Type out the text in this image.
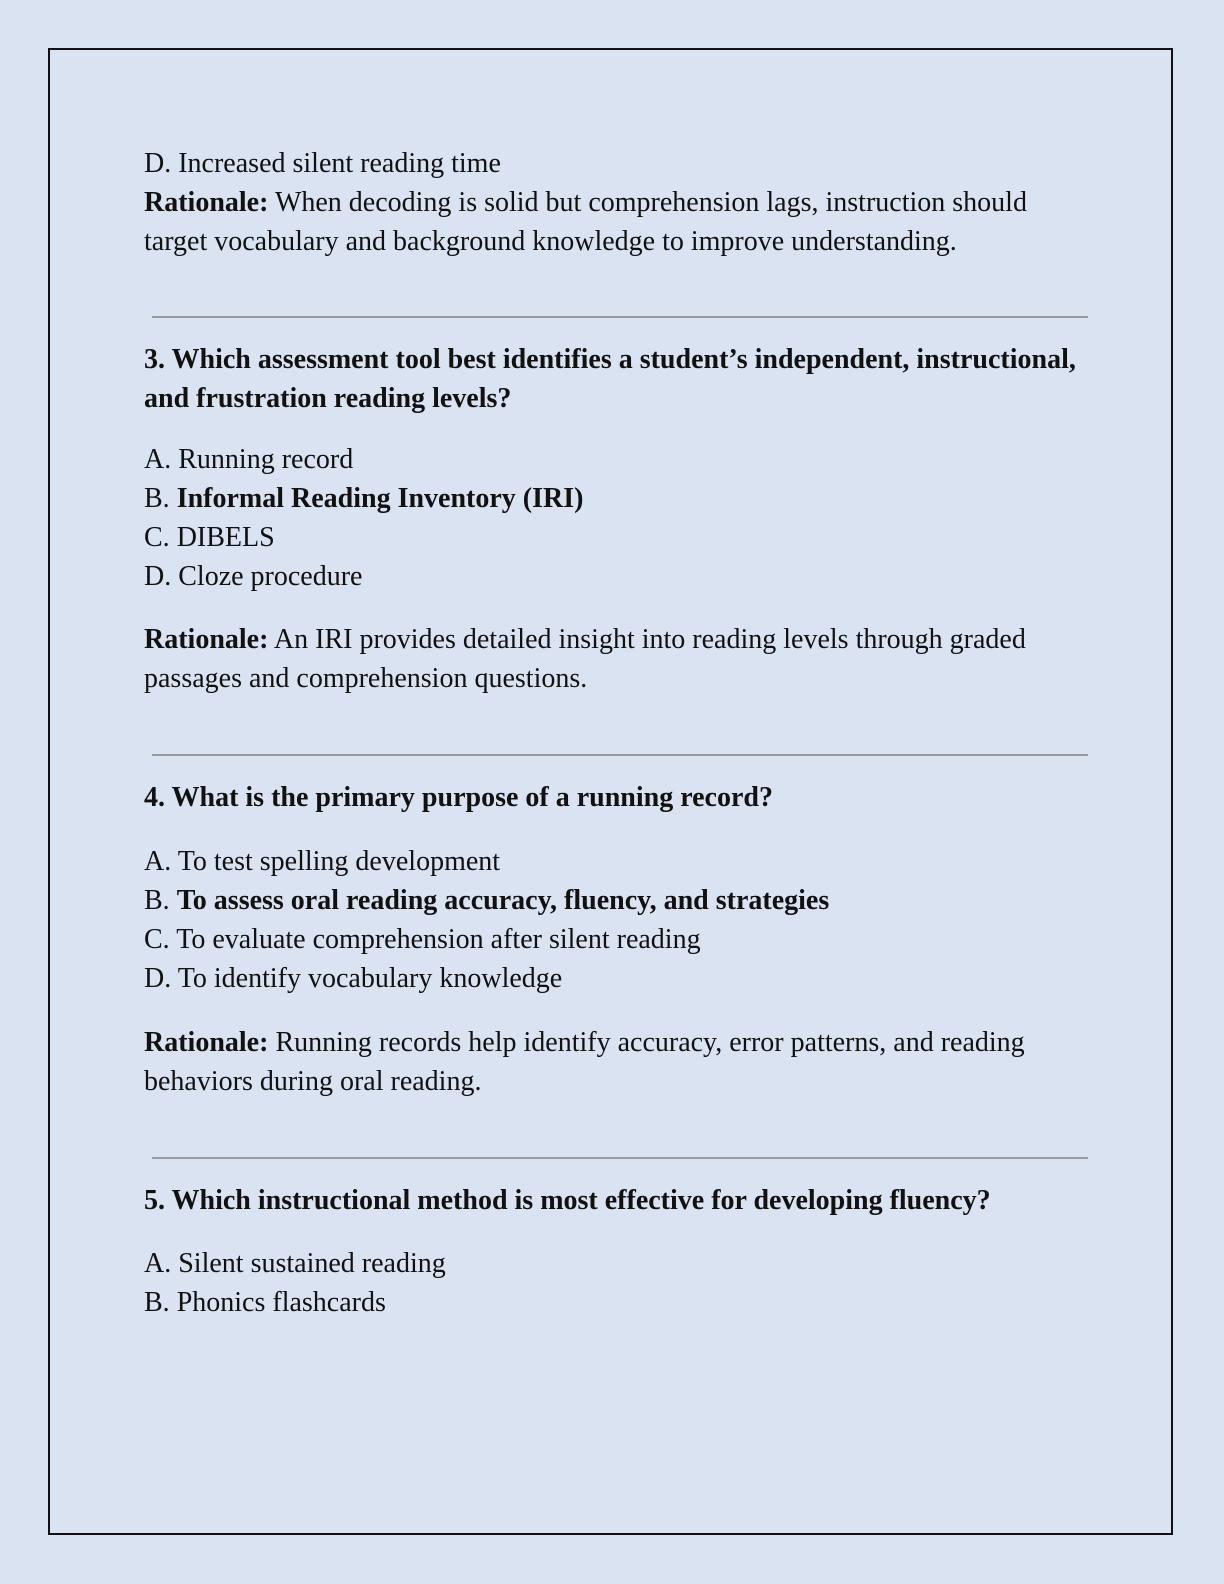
D. Increased silent reading time

Rationale: When decoding is solid but comprehension lags, instruction should target vocabulary and background knowledge to improve understanding.

3. Which assessment tool best identifies a student’s independent, instructional, and frustration reading levels?

A. Running record
B. Informal Reading Inventory (IRI)
C. DIBELS
D. Cloze procedure

Rationale: An IRI provides detailed insight into reading levels through graded passages and comprehension questions.

4. What is the primary purpose of a running record?

A. To test spelling development
B. To assess oral reading accuracy, fluency, and strategies
C. To evaluate comprehension after silent reading
D. To identify vocabulary knowledge

Rationale: Running records help identify accuracy, error patterns, and reading behaviors during oral reading.

5. Which instructional method is most effective for developing fluency?

A. Silent sustained reading
B. Phonics flashcards
